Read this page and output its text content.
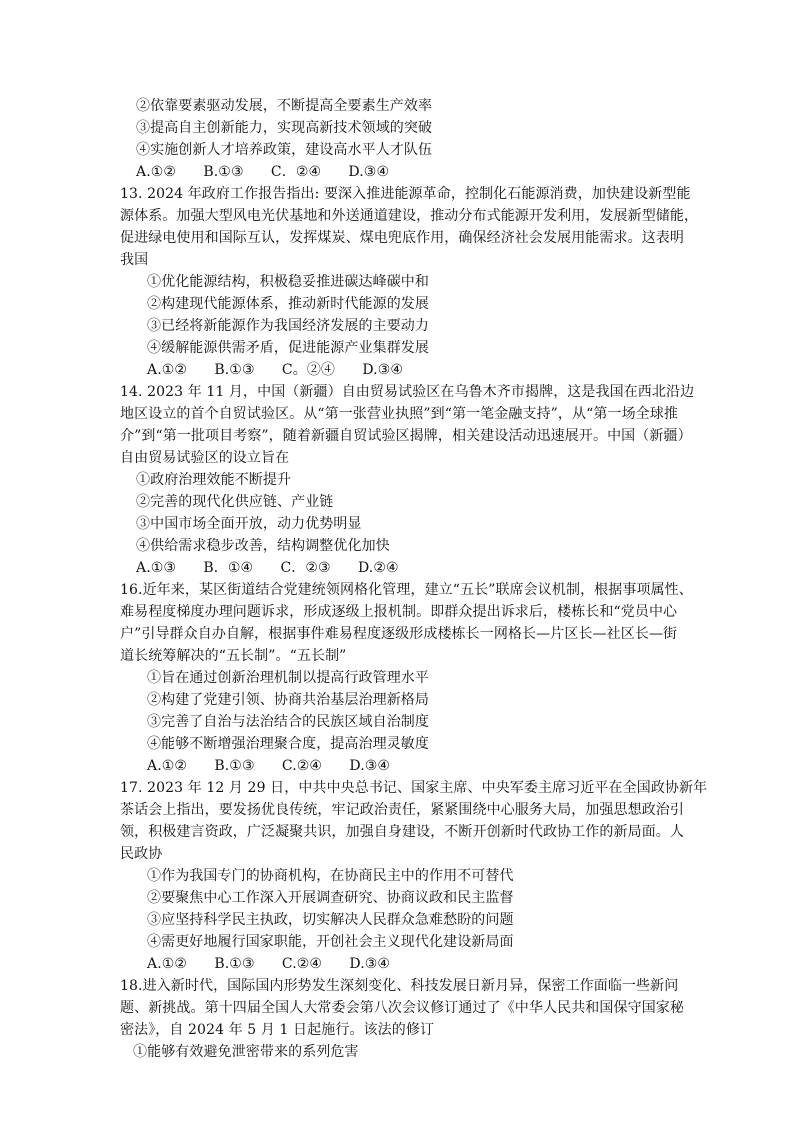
②依靠要素驱动发展，不断提高全要素生产效率
③提高自主创新能力，实现高新技术领域的突破
④实施创新人才培养政策，建设高水平人才队伍
A.①②      B.①③      C．②④      D.③④
13. 2024 年政府工作报告指出: 要深入推进能源革命，控制化石能源消费，加快建设新型能
源体系。加强大型风电光伏基地和外送通道建设，推动分布式能源开发利用，发展新型储能，
促进绿电使用和国际互认，发挥煤炭、煤电兜底作用，确保经济社会发展用能需求。这表明
我国
①优化能源结构，积极稳妥推进碳达峰碳中和
②构建现代能源体系，推动新时代能源的发展
③已经将新能源作为我国经济发展的主要动力
④缓解能源供需矛盾，促进能源产业集群发展
A.①②      B.①③      C。②④      D.③④
14. 2023 年 11 月，中国（新疆）自由贸易试验区在乌鲁木齐市揭牌，这是我国在西北沿边
地区设立的首个自贸试验区。从“第一张营业执照”到“第一笔金融支持”，从“第一场全球推
介”到“第一批项目考察”，随着新疆自贸试验区揭牌，相关建设活动迅速展开。中国（新疆）
自由贸易试验区的设立旨在
①政府治理效能不断提升
②完善的现代化供应链、产业链
③中国市场全面开放，动力优势明显
④供给需求稳步改善，结构调整优化加快
A.①③      B．①④      C．②③      D.②④
16.近年来，某区街道结合党建统领网格化管理，建立“五长”联席会议机制，根据事项属性、
难易程度梯度办理问题诉求，形成逐级上报机制。即群众提出诉求后，楼栋长和“党员中心
户”引导群众自办自解，根据事件难易程度逐级形成楼栋长一网格长—片区长—社区长—街
道长统筹解决的“五长制”。“五长制”
①旨在通过创新治理机制以提高行政管理水平
②构建了党建引领、协商共治基层治理新格局
③完善了自治与法治结合的民族区域自治制度
④能够不断增强治理聚合度，提高治理灵敏度
A.①②      B.①③      C.②④      D.③④
17. 2023 年 12 月 29 日，中共中央总书记、国家主席、中央军委主席习近平在全国政协新年
茶话会上指出，要发扬优良传统，牢记政治责任，紧紧围绕中心服务大局，加强思想政治引
领，积极建言资政，广泛凝聚共识，加强自身建设，不断开创新时代政协工作的新局面。人
民政协
①作为我国专门的协商机构，在协商民主中的作用不可替代
②要聚焦中心工作深入开展调查研究、协商议政和民主监督
③应坚持科学民主执政，切实解决人民群众急难愁盼的问题
④需更好地履行国家职能，开创社会主义现代化建设新局面
A.①②      B.①③      C.②④      D.③④
18.进入新时代，国际国内形势发生深刻变化、科技发展日新月异，保密工作面临一些新问
题、新挑战。第十四届全国人大常委会第八次会议修订通过了《中华人民共和国保守国家秘
密法》，自 2024 年 5 月 1 日起施行。该法的修订
①能够有效避免泄密带来的系列危害
